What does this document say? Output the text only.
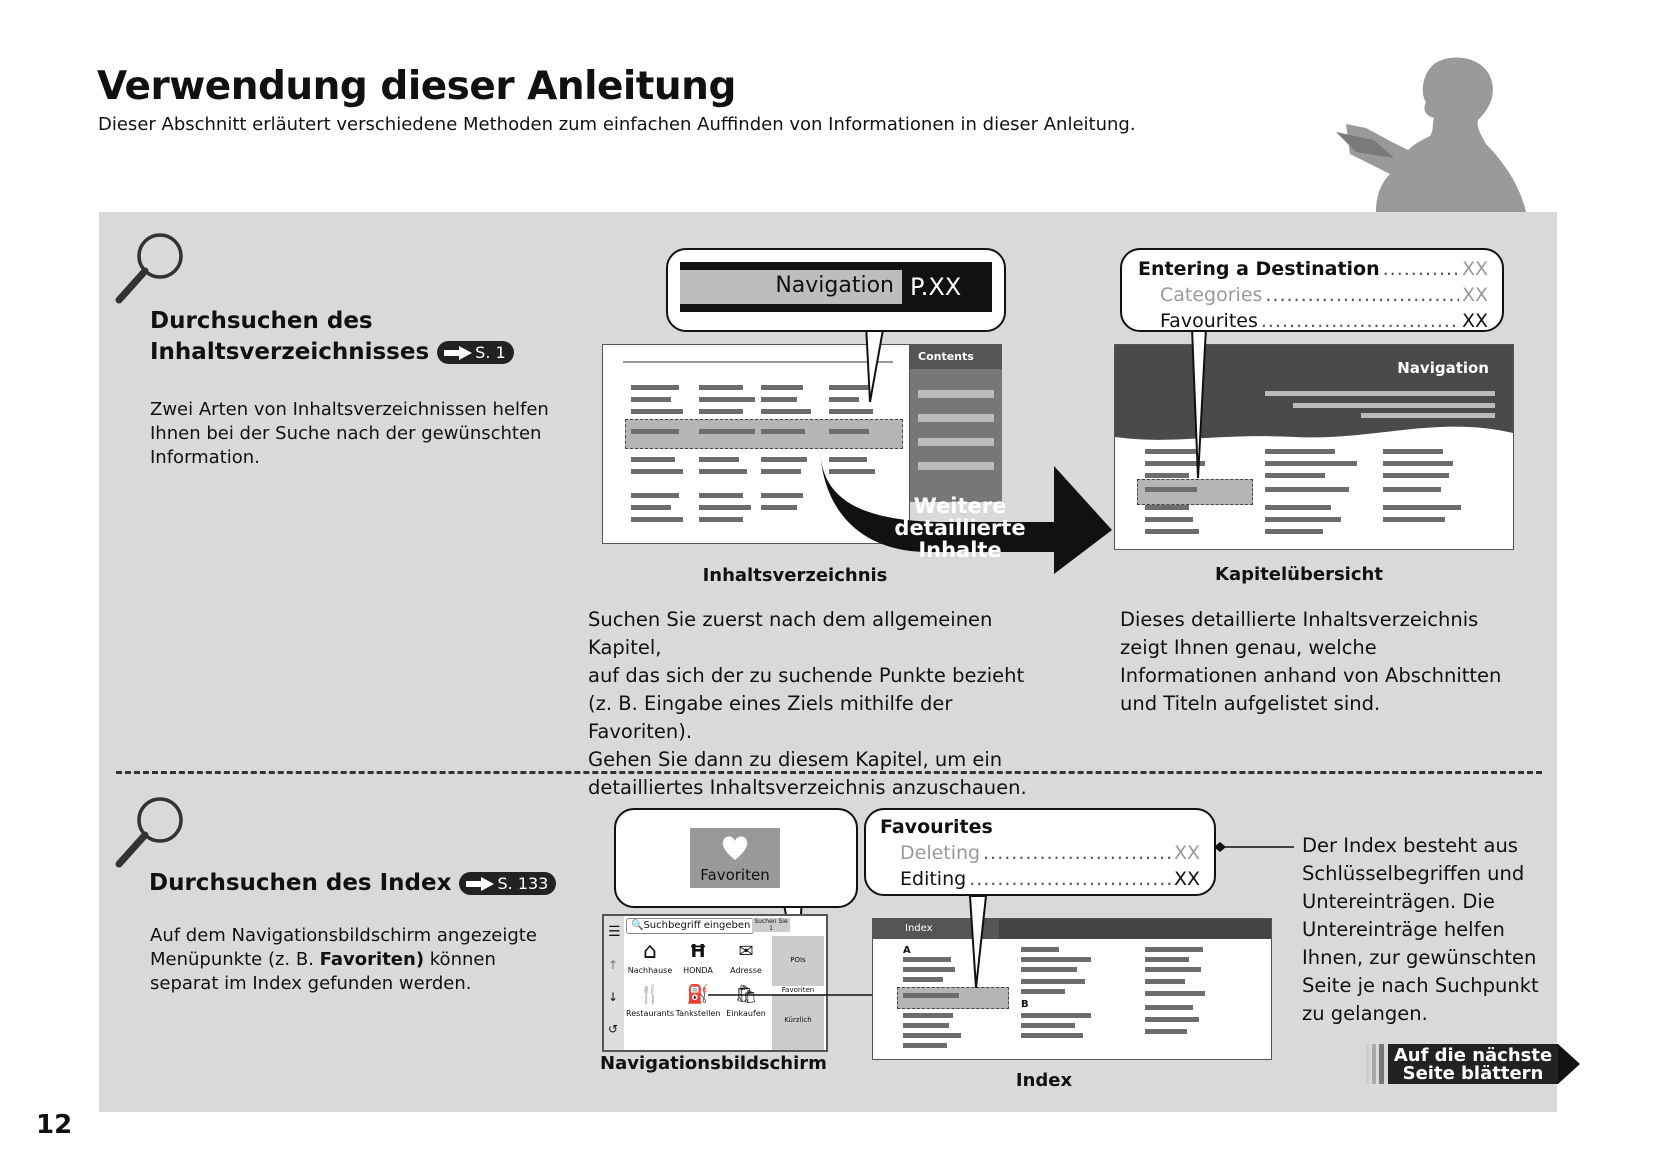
Verwendung dieser Anleitung
Dieser Abschnitt erläutert verschiedene Methoden zum einfachen Auffinden von Informationen in dieser Anleitung.
Durchsuchen des
Inhaltsverzeichnisses	S. 1
Zwei Arten von Inhaltsverzeichnissen helfen
Ihnen bei der Suche nach der gewünschten
Information.
Contents
Weitere
detaillierte Inhalte
Navigation P.XX
Navigation
Entering a Destination .....	XX
Categories .....	XX
Favourites .....	XX
Inhaltsverzeichnis	Kapitelübersicht
Suchen Sie zuerst nach dem allgemeinen Kapitel,
auf das sich der zu suchende Punkte bezieht
(z. B. Eingabe eines Ziels mithilfe der Favoriten).
Gehen Sie dann zu diesem Kapitel, um ein
detailliertes Inhaltsverzeichnis anzuschauen.
Dieses detaillierte Inhaltsverzeichnis
zeigt Ihnen genau, welche
Informationen anhand von Abschnitten
und Titeln aufgelistet sind.
Durchsuchen des Index	S. 133
Auf dem Navigationsbildschirm angezeigte
Menüpunkte (z. B. Favoriten) können
separat im Index gefunden werden.
Favoriten
☰
↑
↓
↺
🔍Suchbegriff eingeben Suchen Sie 1
POIs
Favoriten
Kürzlich
⌂
Nachhause
Ħ
HONDA
✉
Adresse
🍴
Restaurants
⛽
Tankstellen
🛍
Einkaufen
Navigationsbildschirm
Index
A
B
Favourites
Deleting .....	XX
Editing .....	XX
Index
Der Index besteht aus
Schlüsselbegriffen und
Untereinträgen. Die
Untereinträge helfen
Ihnen, zur gewünschten
Seite je nach Suchpunkt
zu gelangen.
Auf die nächste
Seite blättern
12
